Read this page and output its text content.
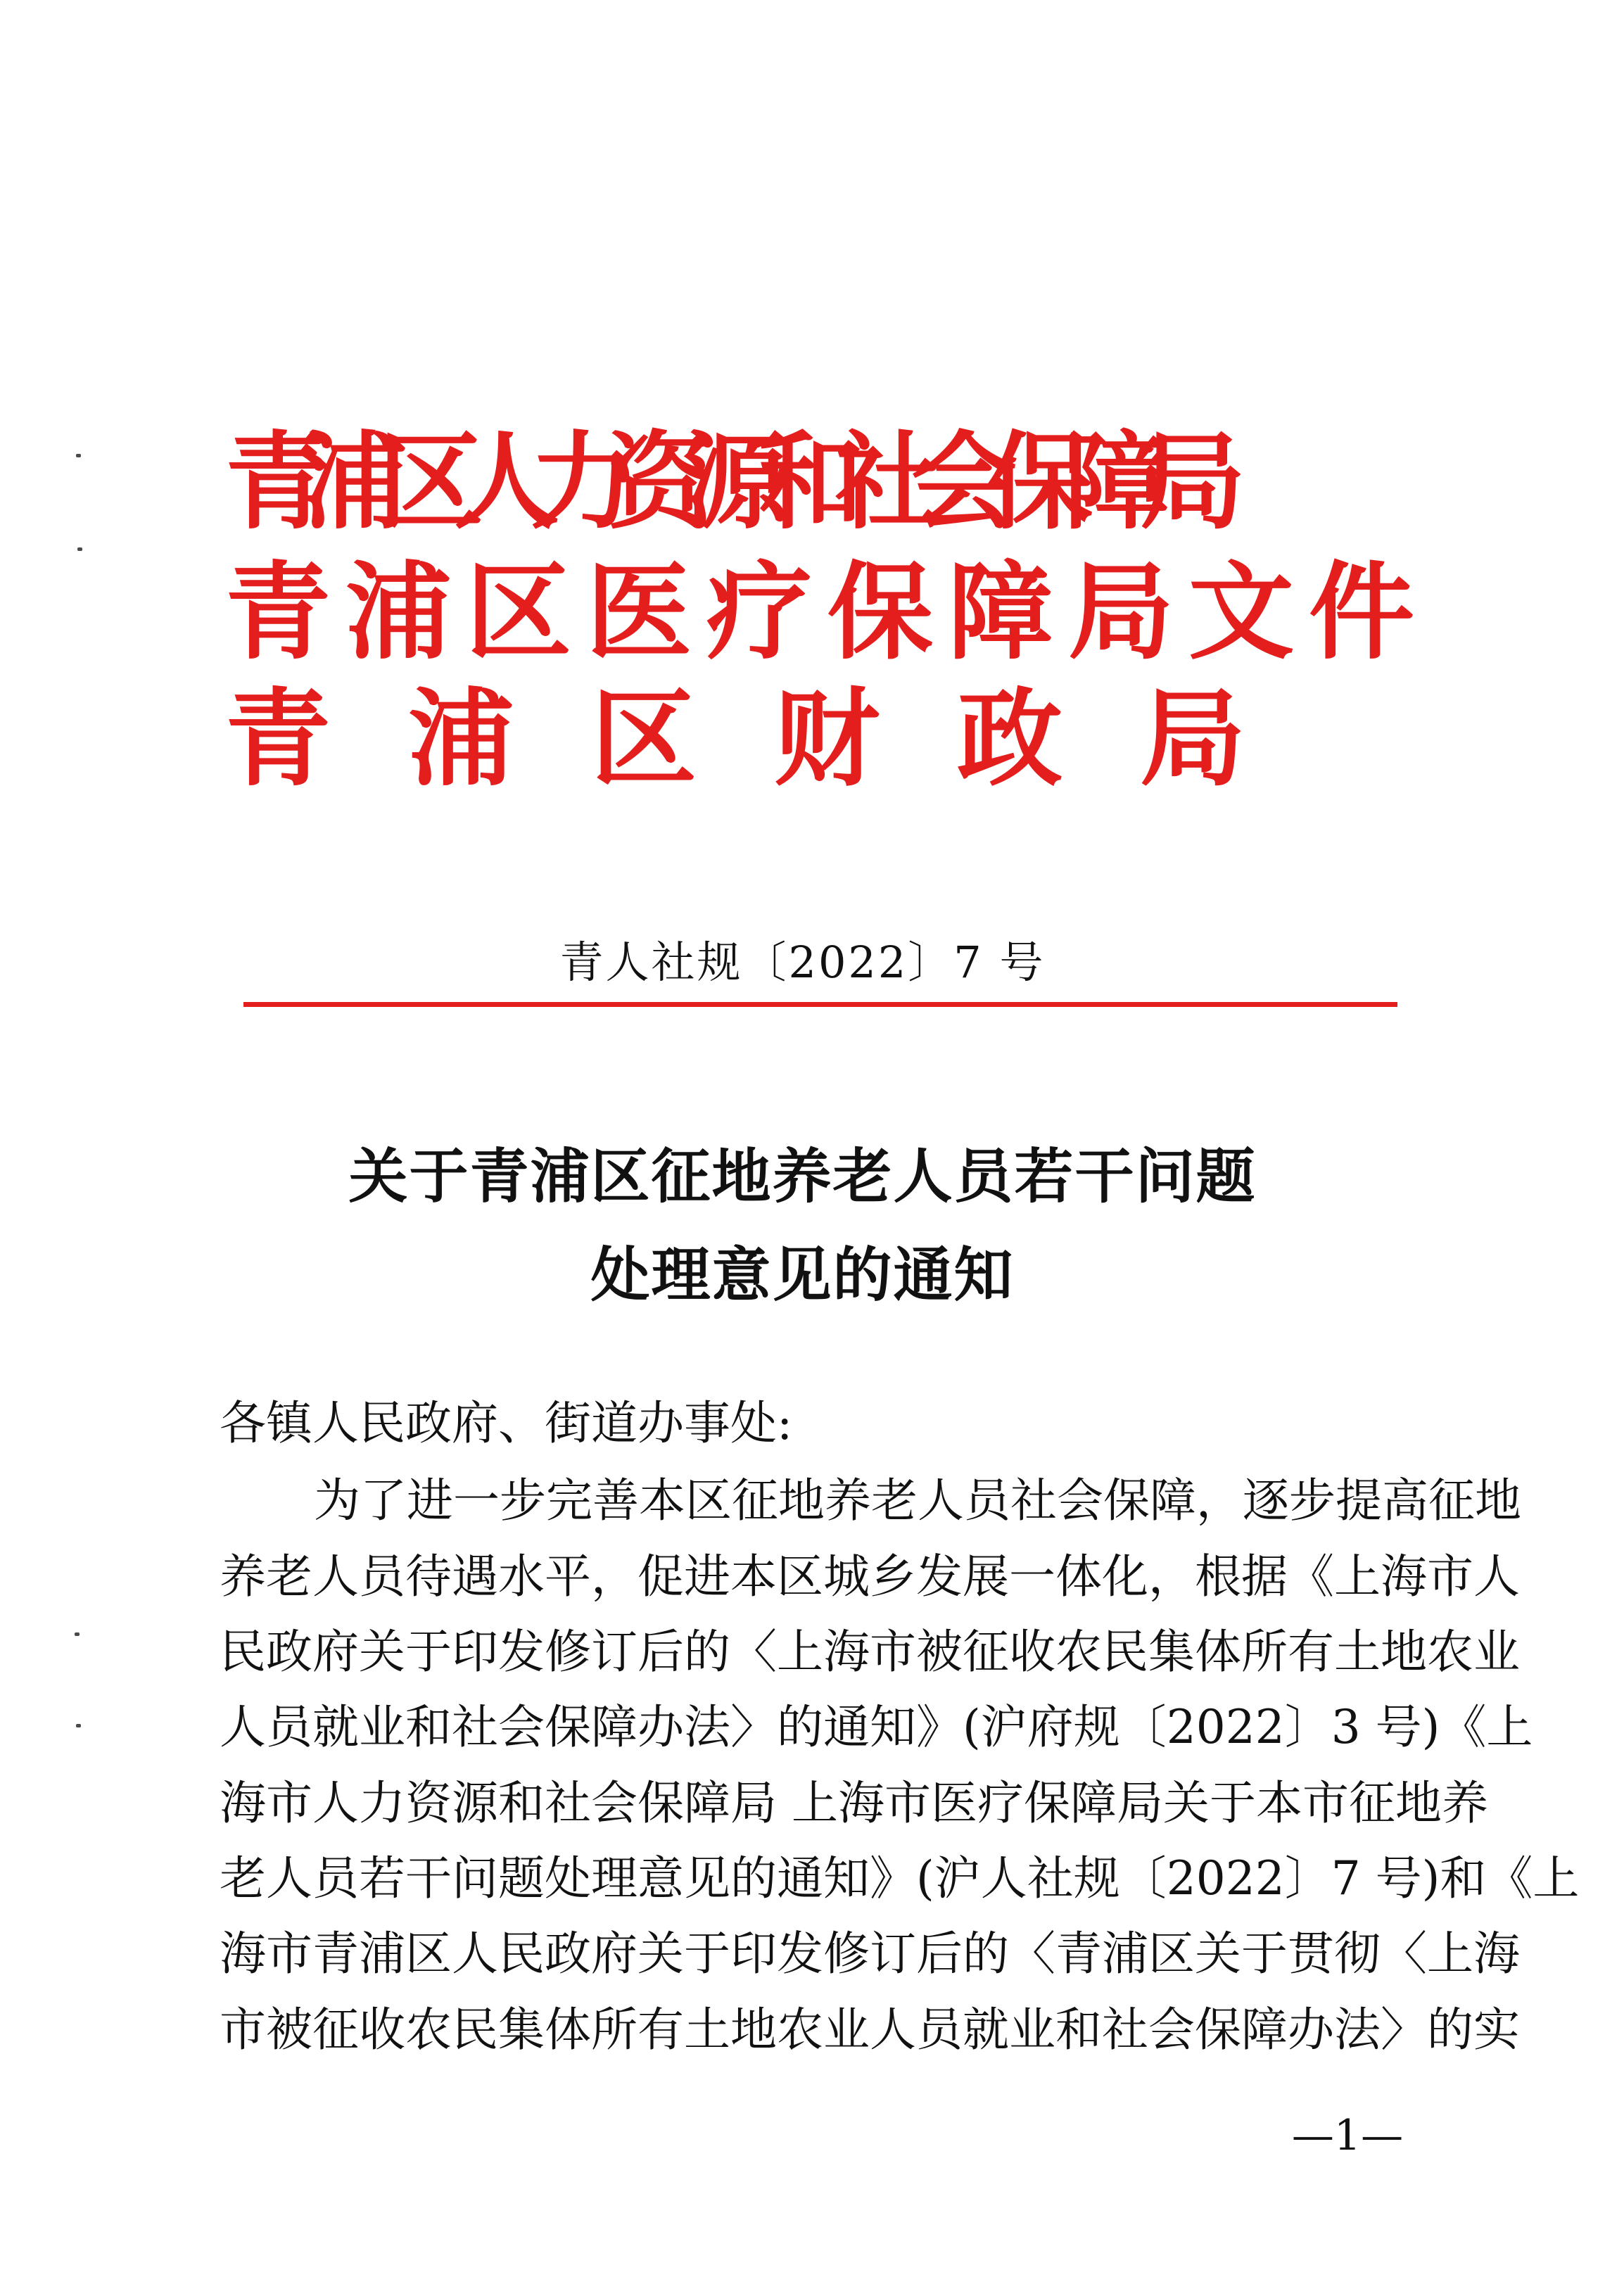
青
浦
区
人
力
资
源
和
社
会
保
障
局
青 浦 区 医 疗 保 障 局 文 件
青 浦 区 财 政 局
青人社规〔2022〕7 号
关于青浦区征地养老人员若干问题
处理意见的通知
各镇人民政府、街道办事处:
为了进一步完善本区征地养老人员社会保障，逐步提高征地
养老人员待遇水平，促进本区城乡发展一体化，根据《上海市人
民政府关于印发修订后的〈上海市被征收农民集体所有土地农业
人员就业和社会保障办法〉的通知》(沪府规〔2022〕3 号)《上
海市人力资源和社会保障局 上海市医疗保障局关于本市征地养
老人员若干问题处理意见的通知》(沪人社规〔2022〕7 号)和《上
海市青浦区人民政府关于印发修订后的〈青浦区关于贯彻〈上海
市被征收农民集体所有土地农业人员就业和社会保障办法〉的实
—1—
